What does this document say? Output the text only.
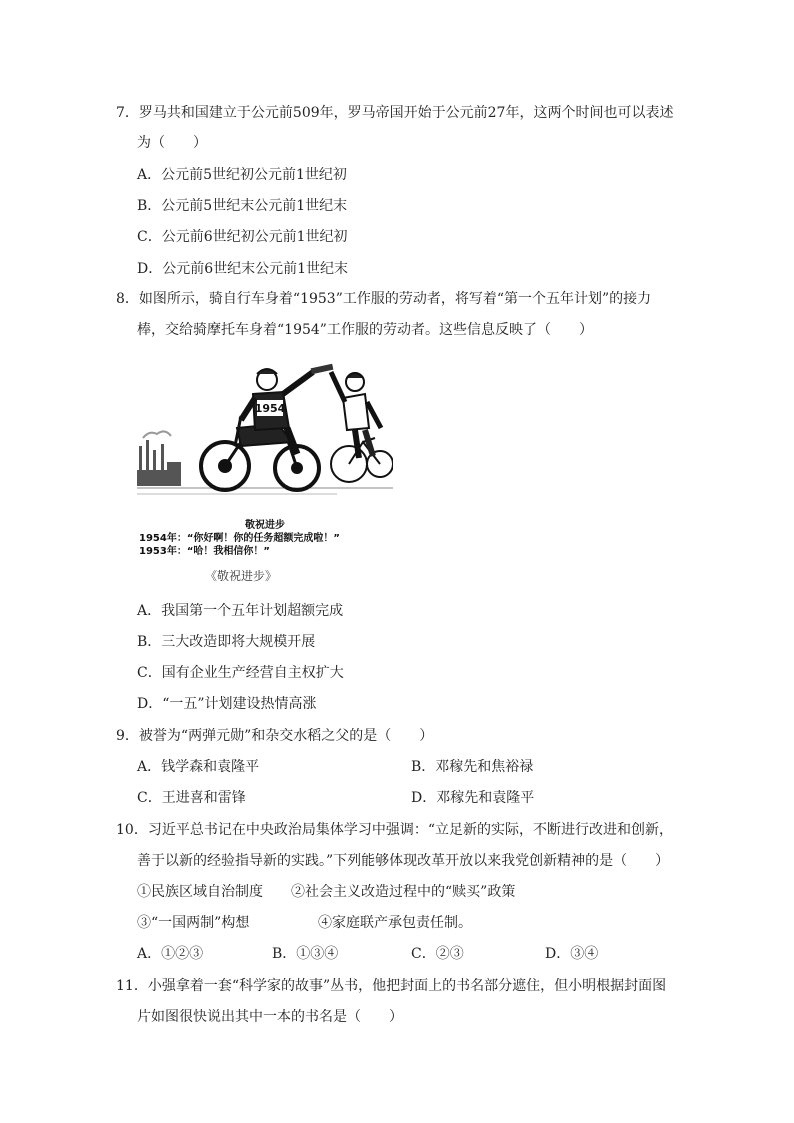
7．罗马共和国建立于公元前509年，罗马帝国开始于公元前27年，这两个时间也可以表述
为（　　）
A．公元前5世纪初公元前1世纪初
B．公元前5世纪末公元前1世纪末
C．公元前6世纪初公元前1世纪初
D．公元前6世纪末公元前1世纪末
8．如图所示，骑自行车身着“1953”工作服的劳动者，将写着“第一个五年计划”的接力
棒，交给骑摩托车身着“1954”工作服的劳动者。这些信息反映了（　　）
1954
敬祝进步
1954年：“你好啊！你的任务超额完成啦！”
1953年：“哈！我相信你！”
《敬祝进步》
A．我国第一个五年计划超额完成
B．三大改造即将大规模开展
C．国有企业生产经营自主权扩大
D．“一五”计划建设热情高涨
9．被誉为“两弹元勋”和杂交水稻之父的是（　　）
A．钱学森和袁隆平	B．邓稼先和焦裕禄
C．王进喜和雷锋	D．邓稼先和袁隆平
10．习近平总书记在中央政治局集体学习中强调：“立足新的实际，不断进行改进和创新，
善于以新的经验指导新的实践。”下列能够体现改革开放以来我党创新精神的是（　　）
①民族区域自治制度 ②社会主义改造过程中的“赎买”政策
③“一国两制”构想	④家庭联产承包责任制。
A．①②③	B．①③④	C．②③	D．③④
11．小强拿着一套“科学家的故事”丛书，他把封面上的书名部分遮住，但小明根据封面图
片如图很快说出其中一本的书名是（　　）
